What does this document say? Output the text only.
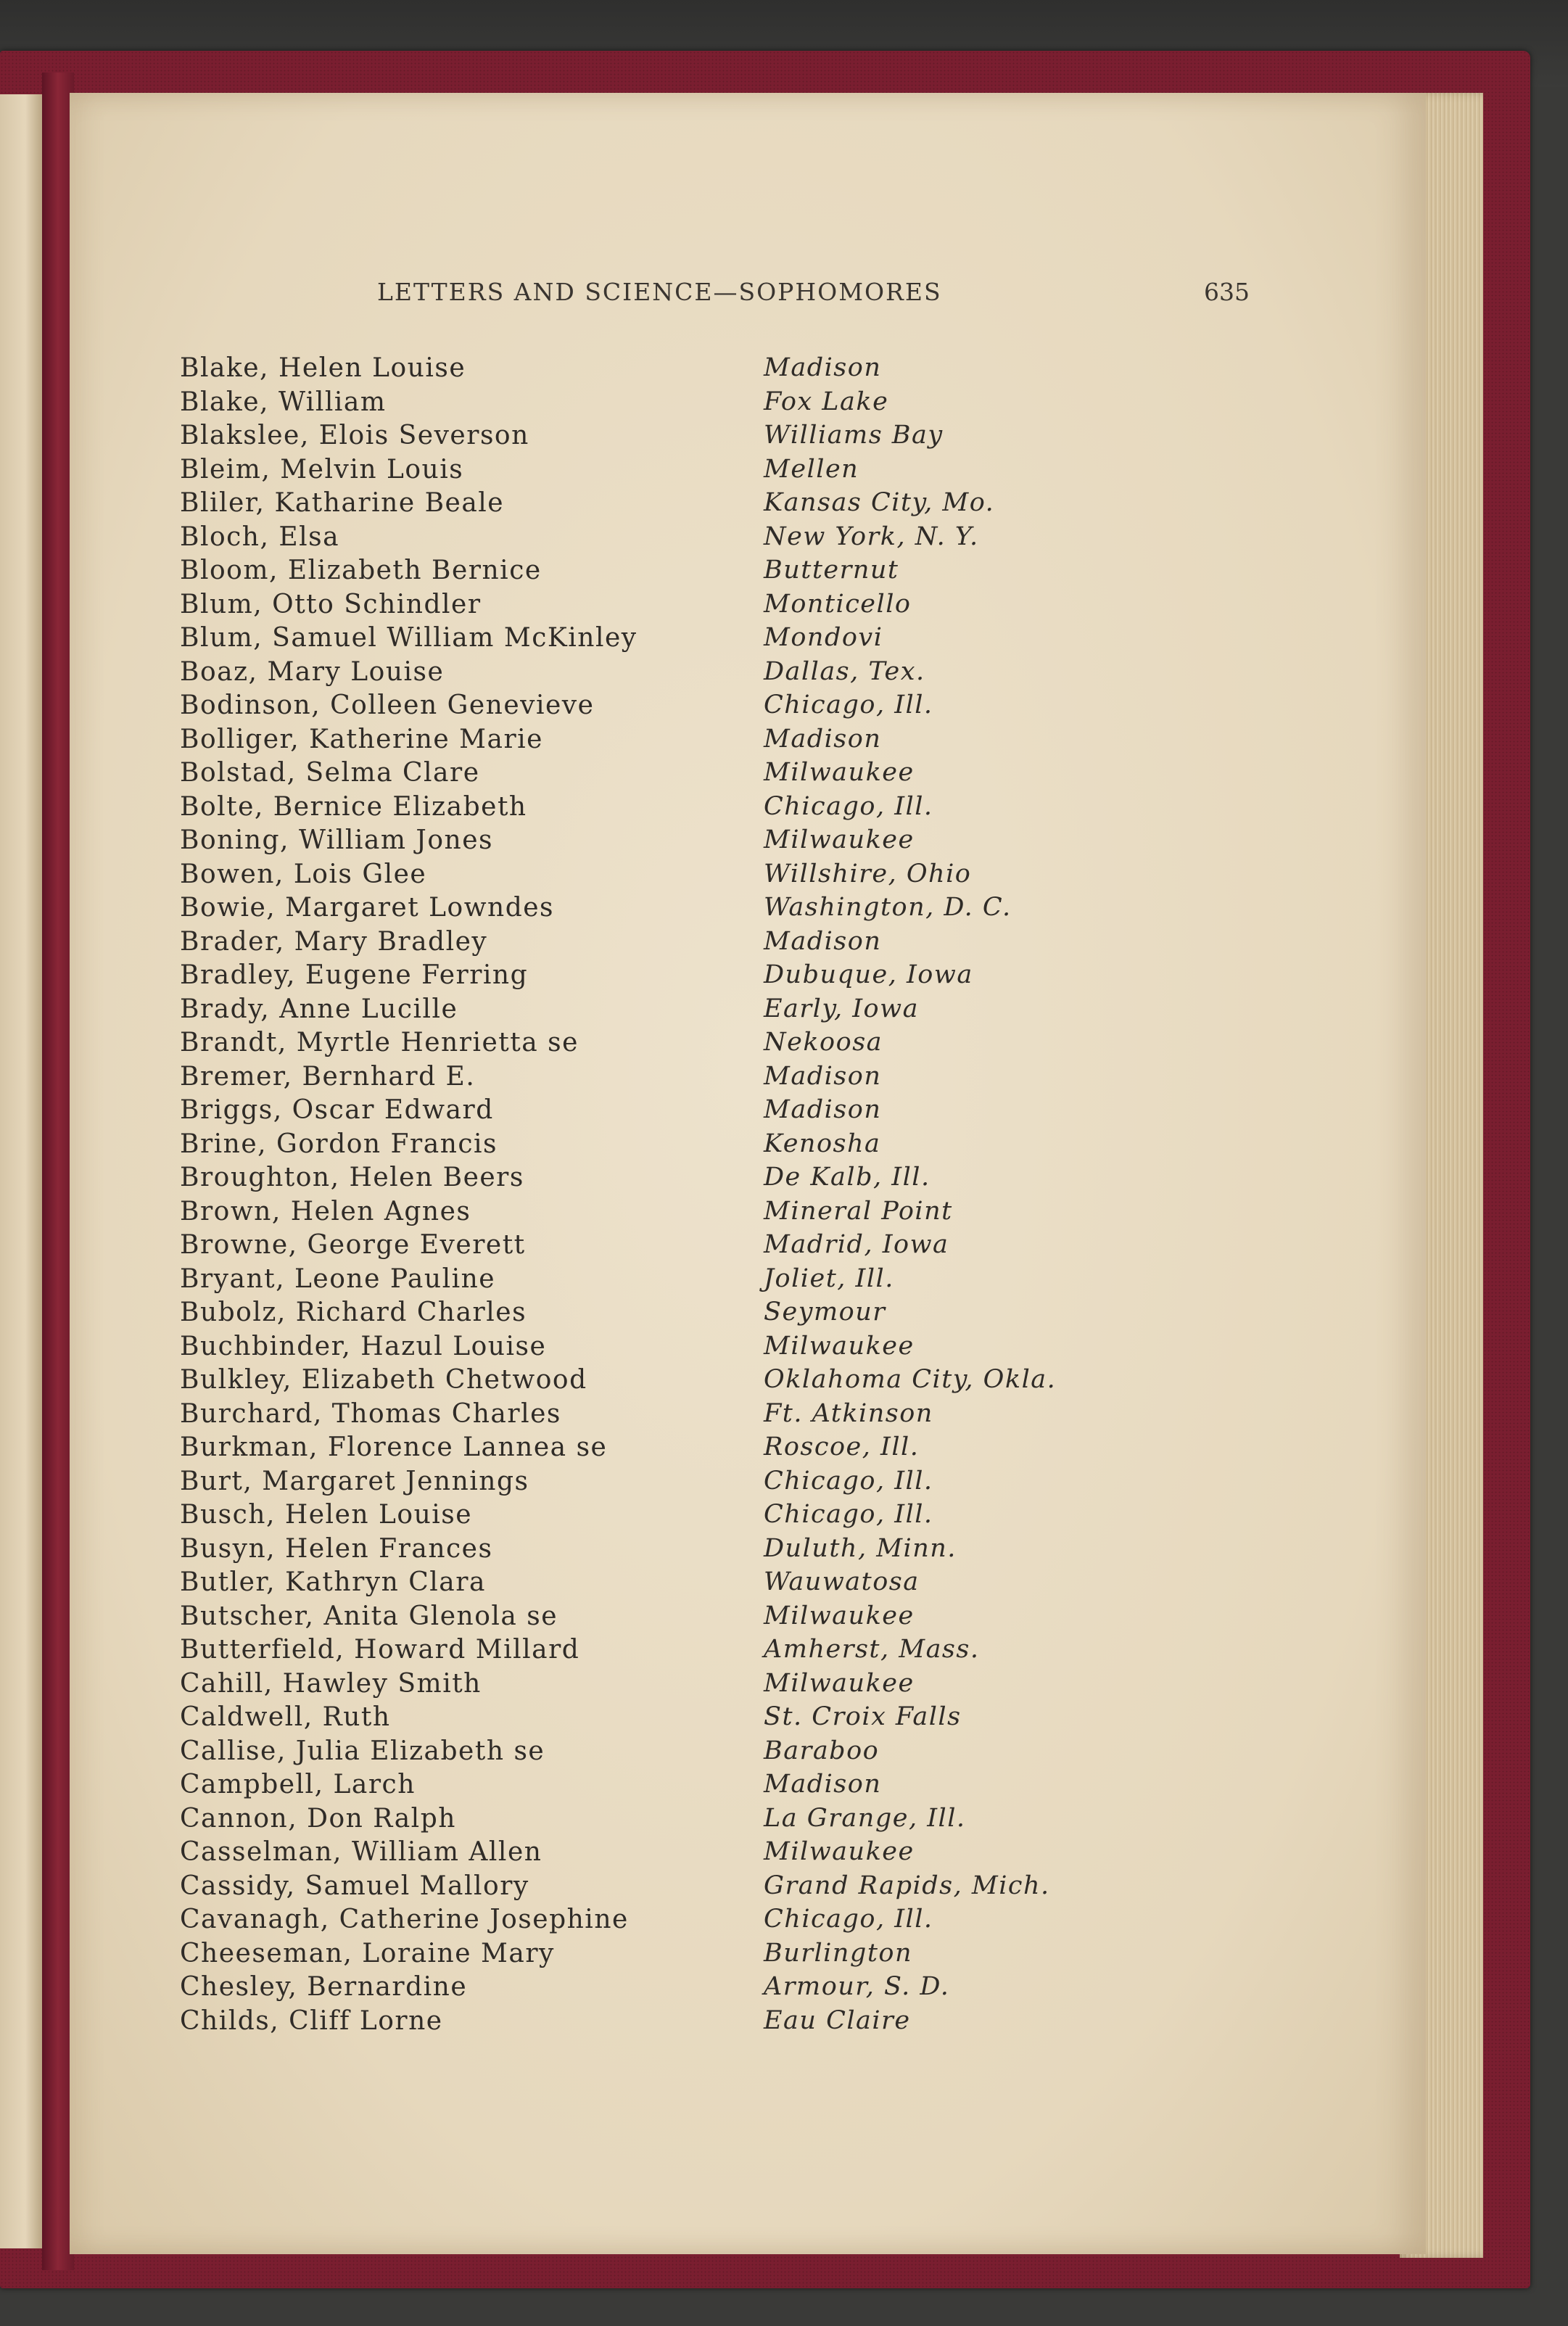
LETTERS AND SCIENCE—SOPHOMORES	635
Blake, Helen Louise	Madison
Blake, William	Fox Lake
Blakslee, Elois Severson	Williams Bay
Bleim, Melvin Louis	Mellen
Bliler, Katharine Beale	Kansas City, Mo.
Bloch, Elsa	New York, N. Y.
Bloom, Elizabeth Bernice	Butternut
Blum, Otto Schindler	Monticello
Blum, Samuel William McKinley	Mondovi
Boaz, Mary Louise	Dallas, Tex.
Bodinson, Colleen Genevieve	Chicago, Ill.
Bolliger, Katherine Marie	Madison
Bolstad, Selma Clare	Milwaukee
Bolte, Bernice Elizabeth	Chicago, Ill.
Boning, William Jones	Milwaukee
Bowen, Lois Glee	Willshire, Ohio
Bowie, Margaret Lowndes	Washington, D. C.
Brader, Mary Bradley	Madison
Bradley, Eugene Ferring	Dubuque, Iowa
Brady, Anne Lucille	Early, Iowa
Brandt, Myrtle Henrietta se	Nekoosa
Bremer, Bernhard E.	Madison
Briggs, Oscar Edward	Madison
Brine, Gordon Francis	Kenosha
Broughton, Helen Beers	De Kalb, Ill.
Brown, Helen Agnes	Mineral Point
Browne, George Everett	Madrid, Iowa
Bryant, Leone Pauline	Joliet, Ill.
Bubolz, Richard Charles	Seymour
Buchbinder, Hazul Louise	Milwaukee
Bulkley, Elizabeth Chetwood	Oklahoma City, Okla.
Burchard, Thomas Charles	Ft. Atkinson
Burkman, Florence Lannea se	Roscoe, Ill.
Burt, Margaret Jennings	Chicago, Ill.
Busch, Helen Louise	Chicago, Ill.
Busyn, Helen Frances	Duluth, Minn.
Butler, Kathryn Clara	Wauwatosa
Butscher, Anita Glenola se	Milwaukee
Butterfield, Howard Millard	Amherst, Mass.
Cahill, Hawley Smith	Milwaukee
Caldwell, Ruth	St. Croix Falls
Callise, Julia Elizabeth se	Baraboo
Campbell, Larch	Madison
Cannon, Don Ralph	La Grange, Ill.
Casselman, William Allen	Milwaukee
Cassidy, Samuel Mallory	Grand Rapids, Mich.
Cavanagh, Catherine Josephine	Chicago, Ill.
Cheeseman, Loraine Mary	Burlington
Chesley, Bernardine	Armour, S. D.
Childs, Cliff Lorne	Eau Claire
